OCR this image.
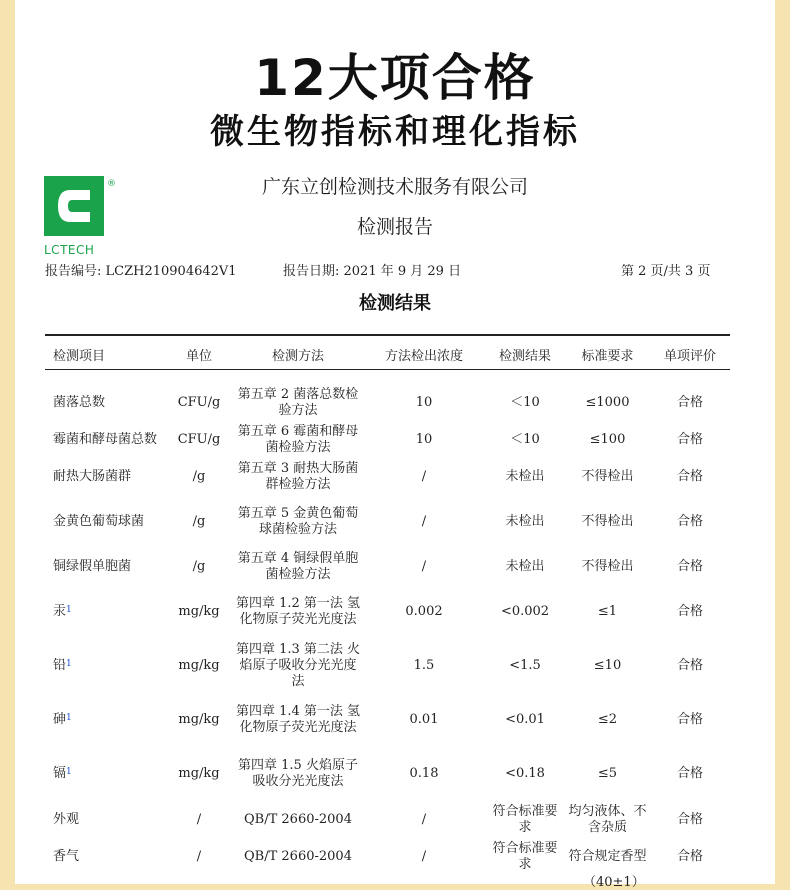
12大项合格
微生物指标和理化指标
®
LCTECH
广东立创检测技术服务有限公司
检测报告
报告编号: LCZH210904642V1	报告日期: 2021 年 9 月 29 日	第 2 页/共 3 页
检测结果
检测项目	单位	检测方法	方法检出浓度	检测结果	标准要求	单项评价

菌落总数	CFU/g	第五章 2 菌落总数检验方法	10	＜10	≤1000	合格
霉菌和酵母菌总数	CFU/g	第五章 6 霉菌和酵母菌检验方法	10	＜10	≤100	合格
耐热大肠菌群	/g	第五章 3 耐热大肠菌群检验方法	/	未检出	不得检出	合格
金黄色葡萄球菌	/g	第五章 5 金黄色葡萄球菌检验方法	/	未检出	不得检出	合格
铜绿假单胞菌	/g	第五章 4 铜绿假单胞菌检验方法	/	未检出	不得检出	合格
汞$^1$	mg/kg	第四章 1.2 第一法 氢化物原子荧光光度法	0.002	<0.002	≤1	合格
铅$^1$	mg/kg	第四章 1.3 第二法 火焰原子吸收分光光度法	1.5	<1.5	≤10	合格
砷$^1$	mg/kg	第四章 1.4 第一法 氢化物原子荧光光度法	0.01	<0.01	≤2	合格
镉$^1$	mg/kg	第四章 1.5 火焰原子吸收分光光度法	0.18	<0.18	≤5	合格
外观	/	QB/T 2660-2004	/	符合标准要求	均匀液体、不含杂质	合格
香气	/	QB/T 2660-2004	/	符合标准要求	符合规定香型	合格
（40±1）
